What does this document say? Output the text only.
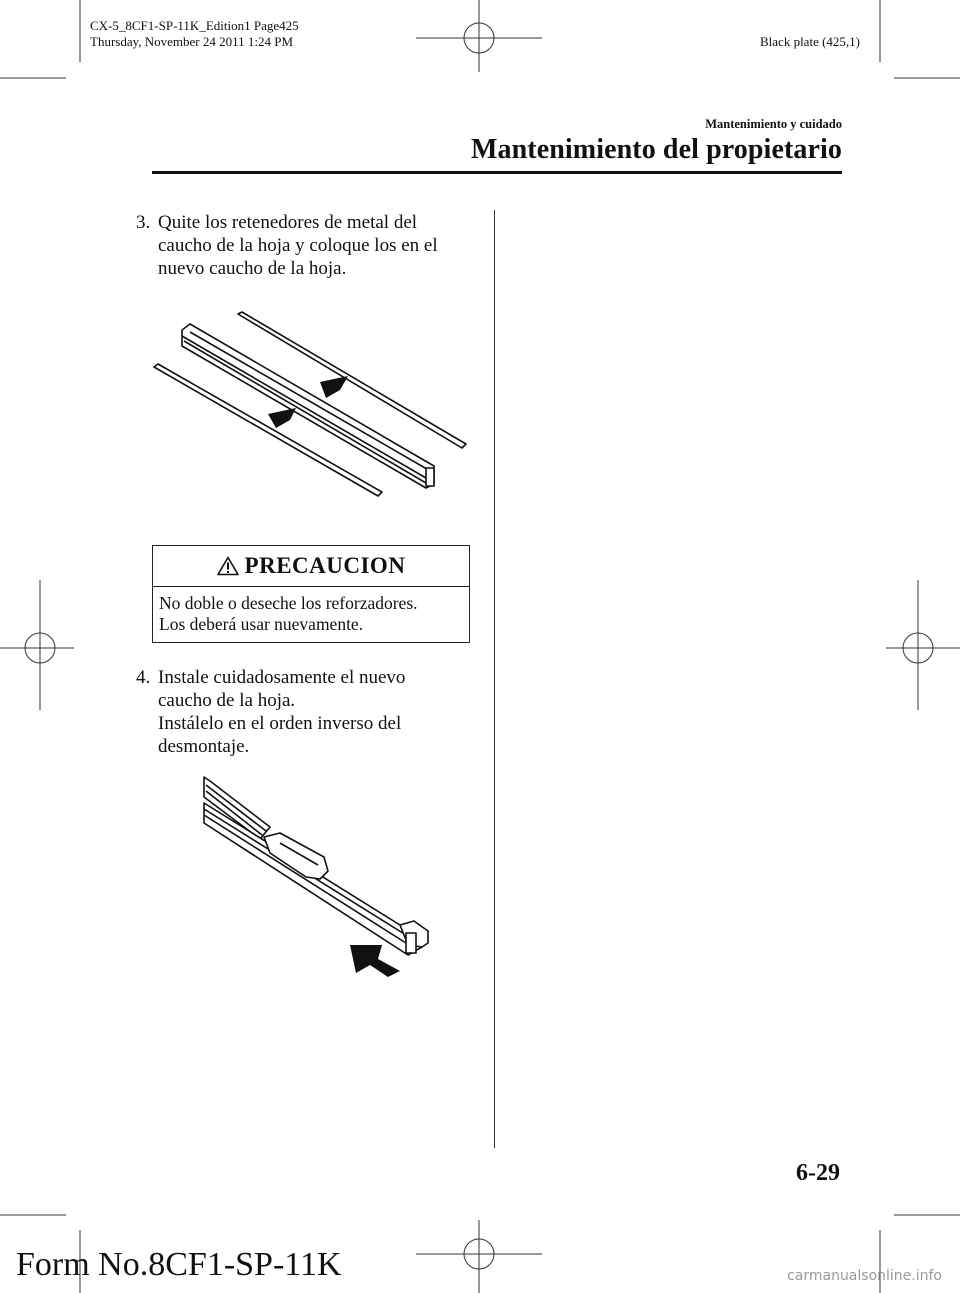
CX-5_8CF1-SP-11K_Edition1 Page425
Thursday, November 24 2011 1:24 PM	Black plate (425,1)
Mantenimiento y cuidado
Mantenimiento del propietario
3. Quite los retenedores de metal del
caucho de la hoja y coloque los en el
nuevo caucho de la hoja.
PRECAUCION
No doble o deseche los reforzadores.
Los deberá usar nuevamente.
4. Instale cuidadosamente el nuevo
caucho de la hoja.
Instálelo en el orden inverso del
desmontaje.
6-29
Form No.8CF1-SP-11K	carmanualsonline.info
